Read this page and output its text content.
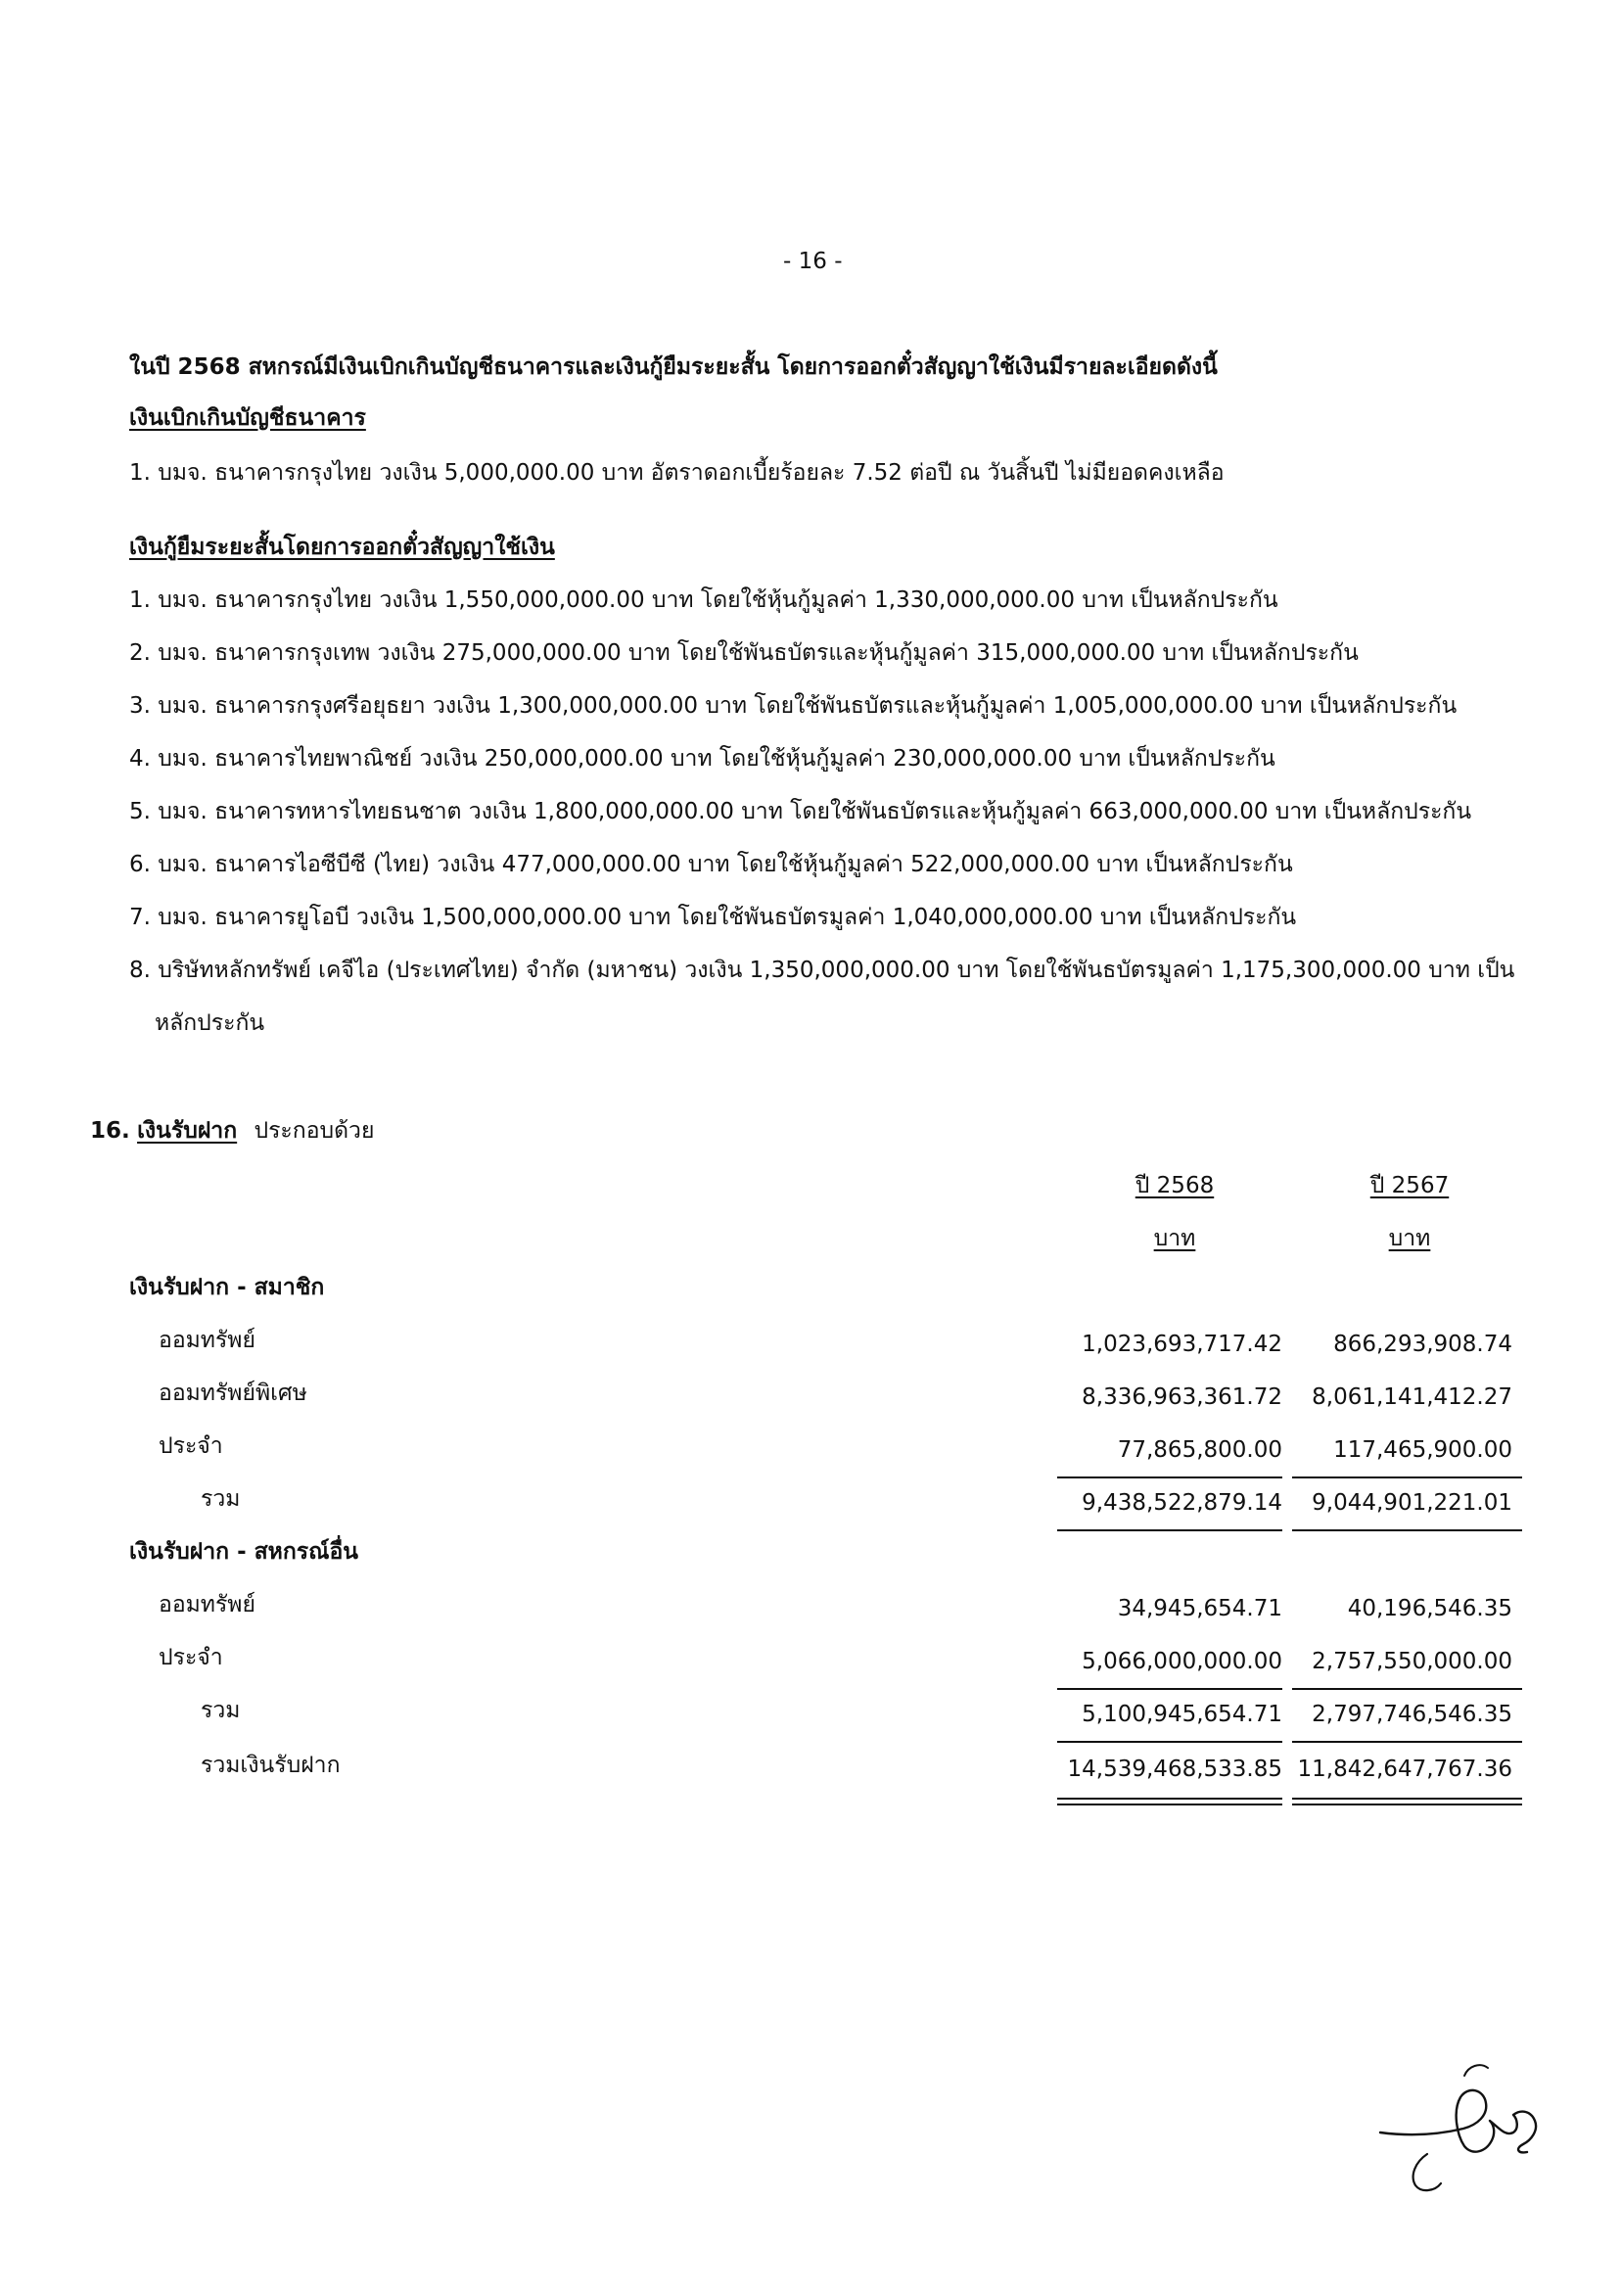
- 16 -
ในปี 2568 สหกรณ์มีเงินเบิกเกินบัญชีธนาคารและเงินกู้ยืมระยะสั้น โดยการออกตั๋วสัญญาใช้เงินมีรายละเอียดดังนี้
เงินเบิกเกินบัญชีธนาคาร
1. บมจ. ธนาคารกรุงไทย วงเงิน 5,000,000.00 บาท อัตราดอกเบี้ยร้อยละ 7.52 ต่อปี ณ วันสิ้นปี ไม่มียอดคงเหลือ
เงินกู้ยืมระยะสั้นโดยการออกตั๋วสัญญาใช้เงิน
1. บมจ. ธนาคารกรุงไทย วงเงิน 1,550,000,000.00 บาท โดยใช้หุ้นกู้มูลค่า 1,330,000,000.00 บาท เป็นหลักประกัน
2. บมจ. ธนาคารกรุงเทพ วงเงิน 275,000,000.00 บาท โดยใช้พันธบัตรและหุ้นกู้มูลค่า 315,000,000.00 บาท เป็นหลักประกัน
3. บมจ. ธนาคารกรุงศรีอยุธยา วงเงิน 1,300,000,000.00 บาท โดยใช้พันธบัตรและหุ้นกู้มูลค่า 1,005,000,000.00 บาท เป็นหลักประกัน
4. บมจ. ธนาคารไทยพาณิชย์ วงเงิน 250,000,000.00 บาท โดยใช้หุ้นกู้มูลค่า 230,000,000.00 บาท เป็นหลักประกัน
5. บมจ. ธนาคารทหารไทยธนชาต วงเงิน 1,800,000,000.00 บาท โดยใช้พันธบัตรและหุ้นกู้มูลค่า 663,000,000.00 บาท เป็นหลักประกัน
6. บมจ. ธนาคารไอซีบีซี (ไทย) วงเงิน 477,000,000.00 บาท โดยใช้หุ้นกู้มูลค่า 522,000,000.00 บาท เป็นหลักประกัน
7. บมจ. ธนาคารยูโอบี วงเงิน 1,500,000,000.00 บาท โดยใช้พันธบัตรมูลค่า 1,040,000,000.00 บาท เป็นหลักประกัน
8. บริษัทหลักทรัพย์ เคจีไอ (ประเทศไทย) จำกัด (มหาชน) วงเงิน 1,350,000,000.00 บาท โดยใช้พันธบัตรมูลค่า 1,175,300,000.00 บาท เป็น
หลักประกัน
16. เงินรับฝาก ประกอบด้วย
ปี 2568	ปี 2567
บาท	บาท
เงินรับฝาก - สมาชิก
ออมทรัพย์	1,023,693,717.42	866,293,908.74
ออมทรัพย์พิเศษ	8,336,963,361.72	8,061,141,412.27
ประจำ	77,865,800.00	117,465,900.00
รวม	9,438,522,879.14	9,044,901,221.01
เงินรับฝาก - สหกรณ์อื่น
ออมทรัพย์	34,945,654.71	40,196,546.35
ประจำ	5,066,000,000.00	2,757,550,000.00
รวม	5,100,945,654.71	2,797,746,546.35
รวมเงินรับฝาก	14,539,468,533.85 11,842,647,767.36
